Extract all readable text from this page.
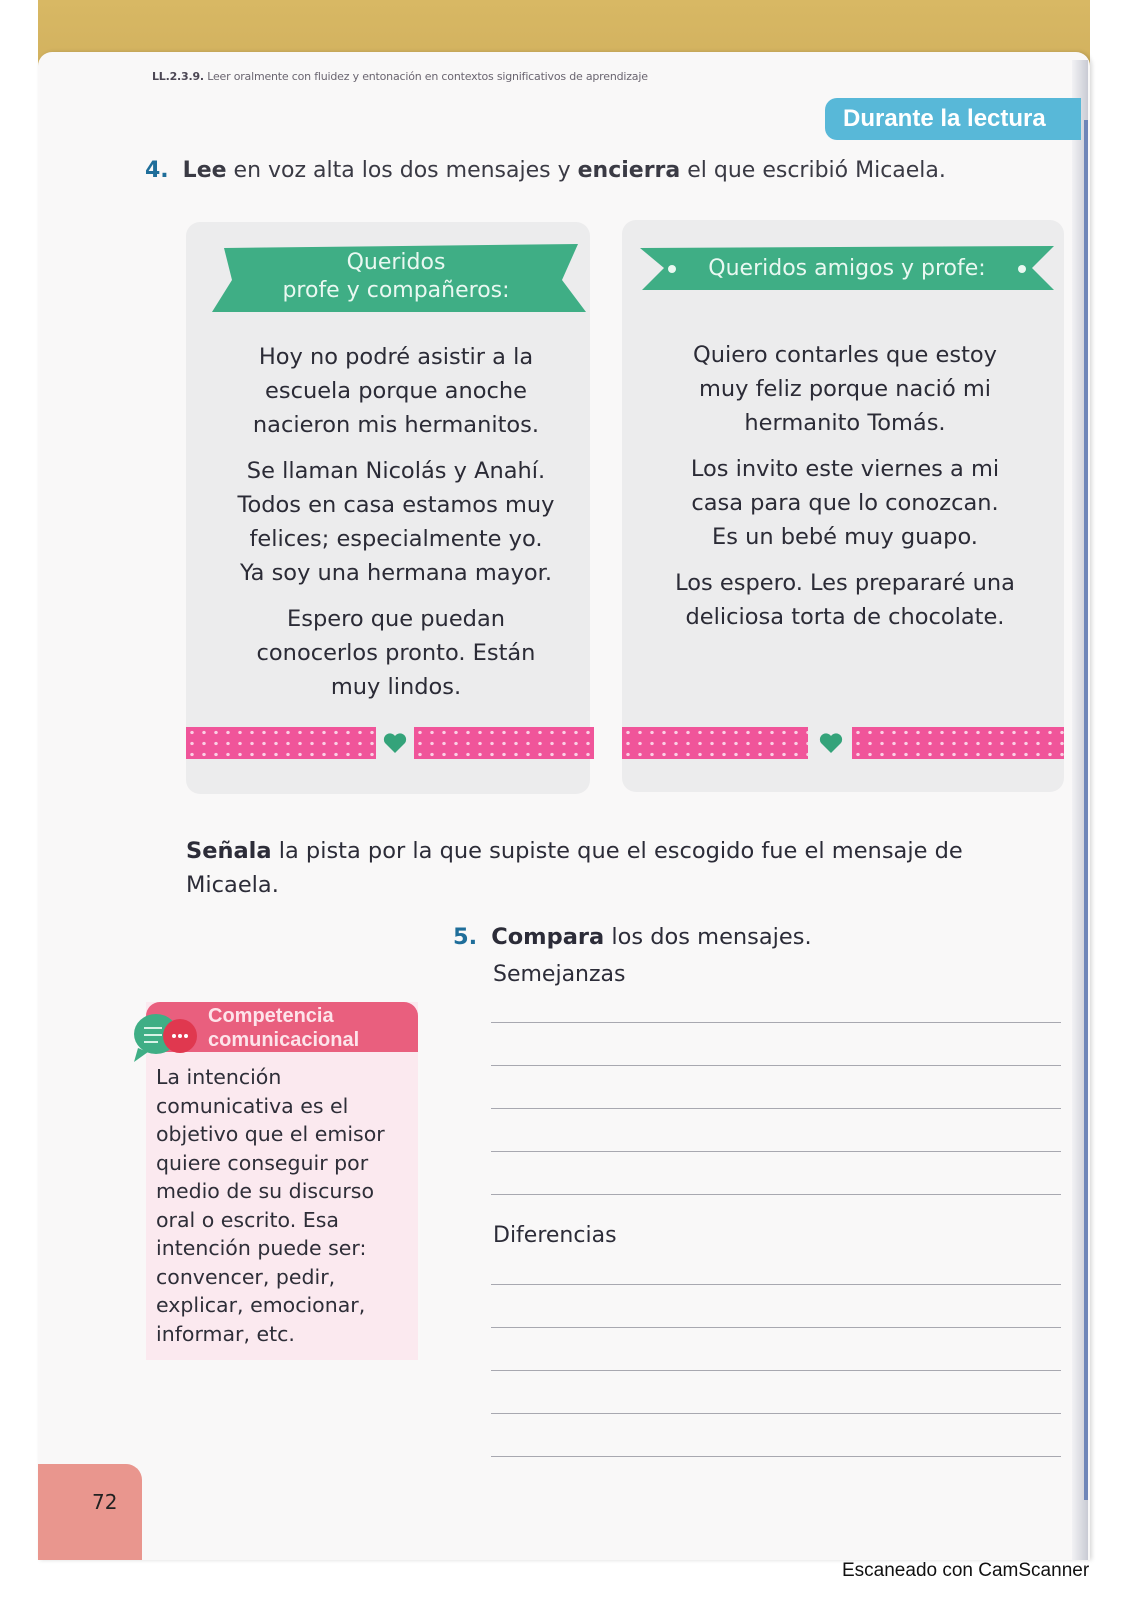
LL.2.3.9. Leer oralmente con fluidez y entonación en contextos significativos de aprendizaje
Durante la lectura
4. Lee en voz alta los dos mensajes y encierra el que escribió Micaela.
Queridos
profe y compañeros:

Hoy no podré asistir a la
escuela porque anoche
nacieron mis hermanitos.

Se llaman Nicolás y Anahí.
Todos en casa estamos muy
felices; especialmente yo.
Ya soy una hermana mayor.

Espero que puedan
conocerlos pronto. Están
muy lindos.

Queridos amigos y profe:

Quiero contarles que estoy
muy feliz porque nació mi
hermanito Tomás.

Los invito este viernes a mi
casa para que lo conozcan.
Es un bebé muy guapo.

Los espero. Les prepararé una
deliciosa torta de chocolate.

Señala la pista por la que supiste que el escogido fue el mensaje de Micaela.
5. Compara los dos mensajes.
Semejanzas
Diferencias
Competencia
comunicacional
La intención
comunicativa es el
objetivo que el emisor
quiere conseguir por
medio de su discurso
oral o escrito. Esa
intención puede ser:
convencer, pedir,
explicar, emocionar,
informar, etc.
72
Escaneado con CamScanner
